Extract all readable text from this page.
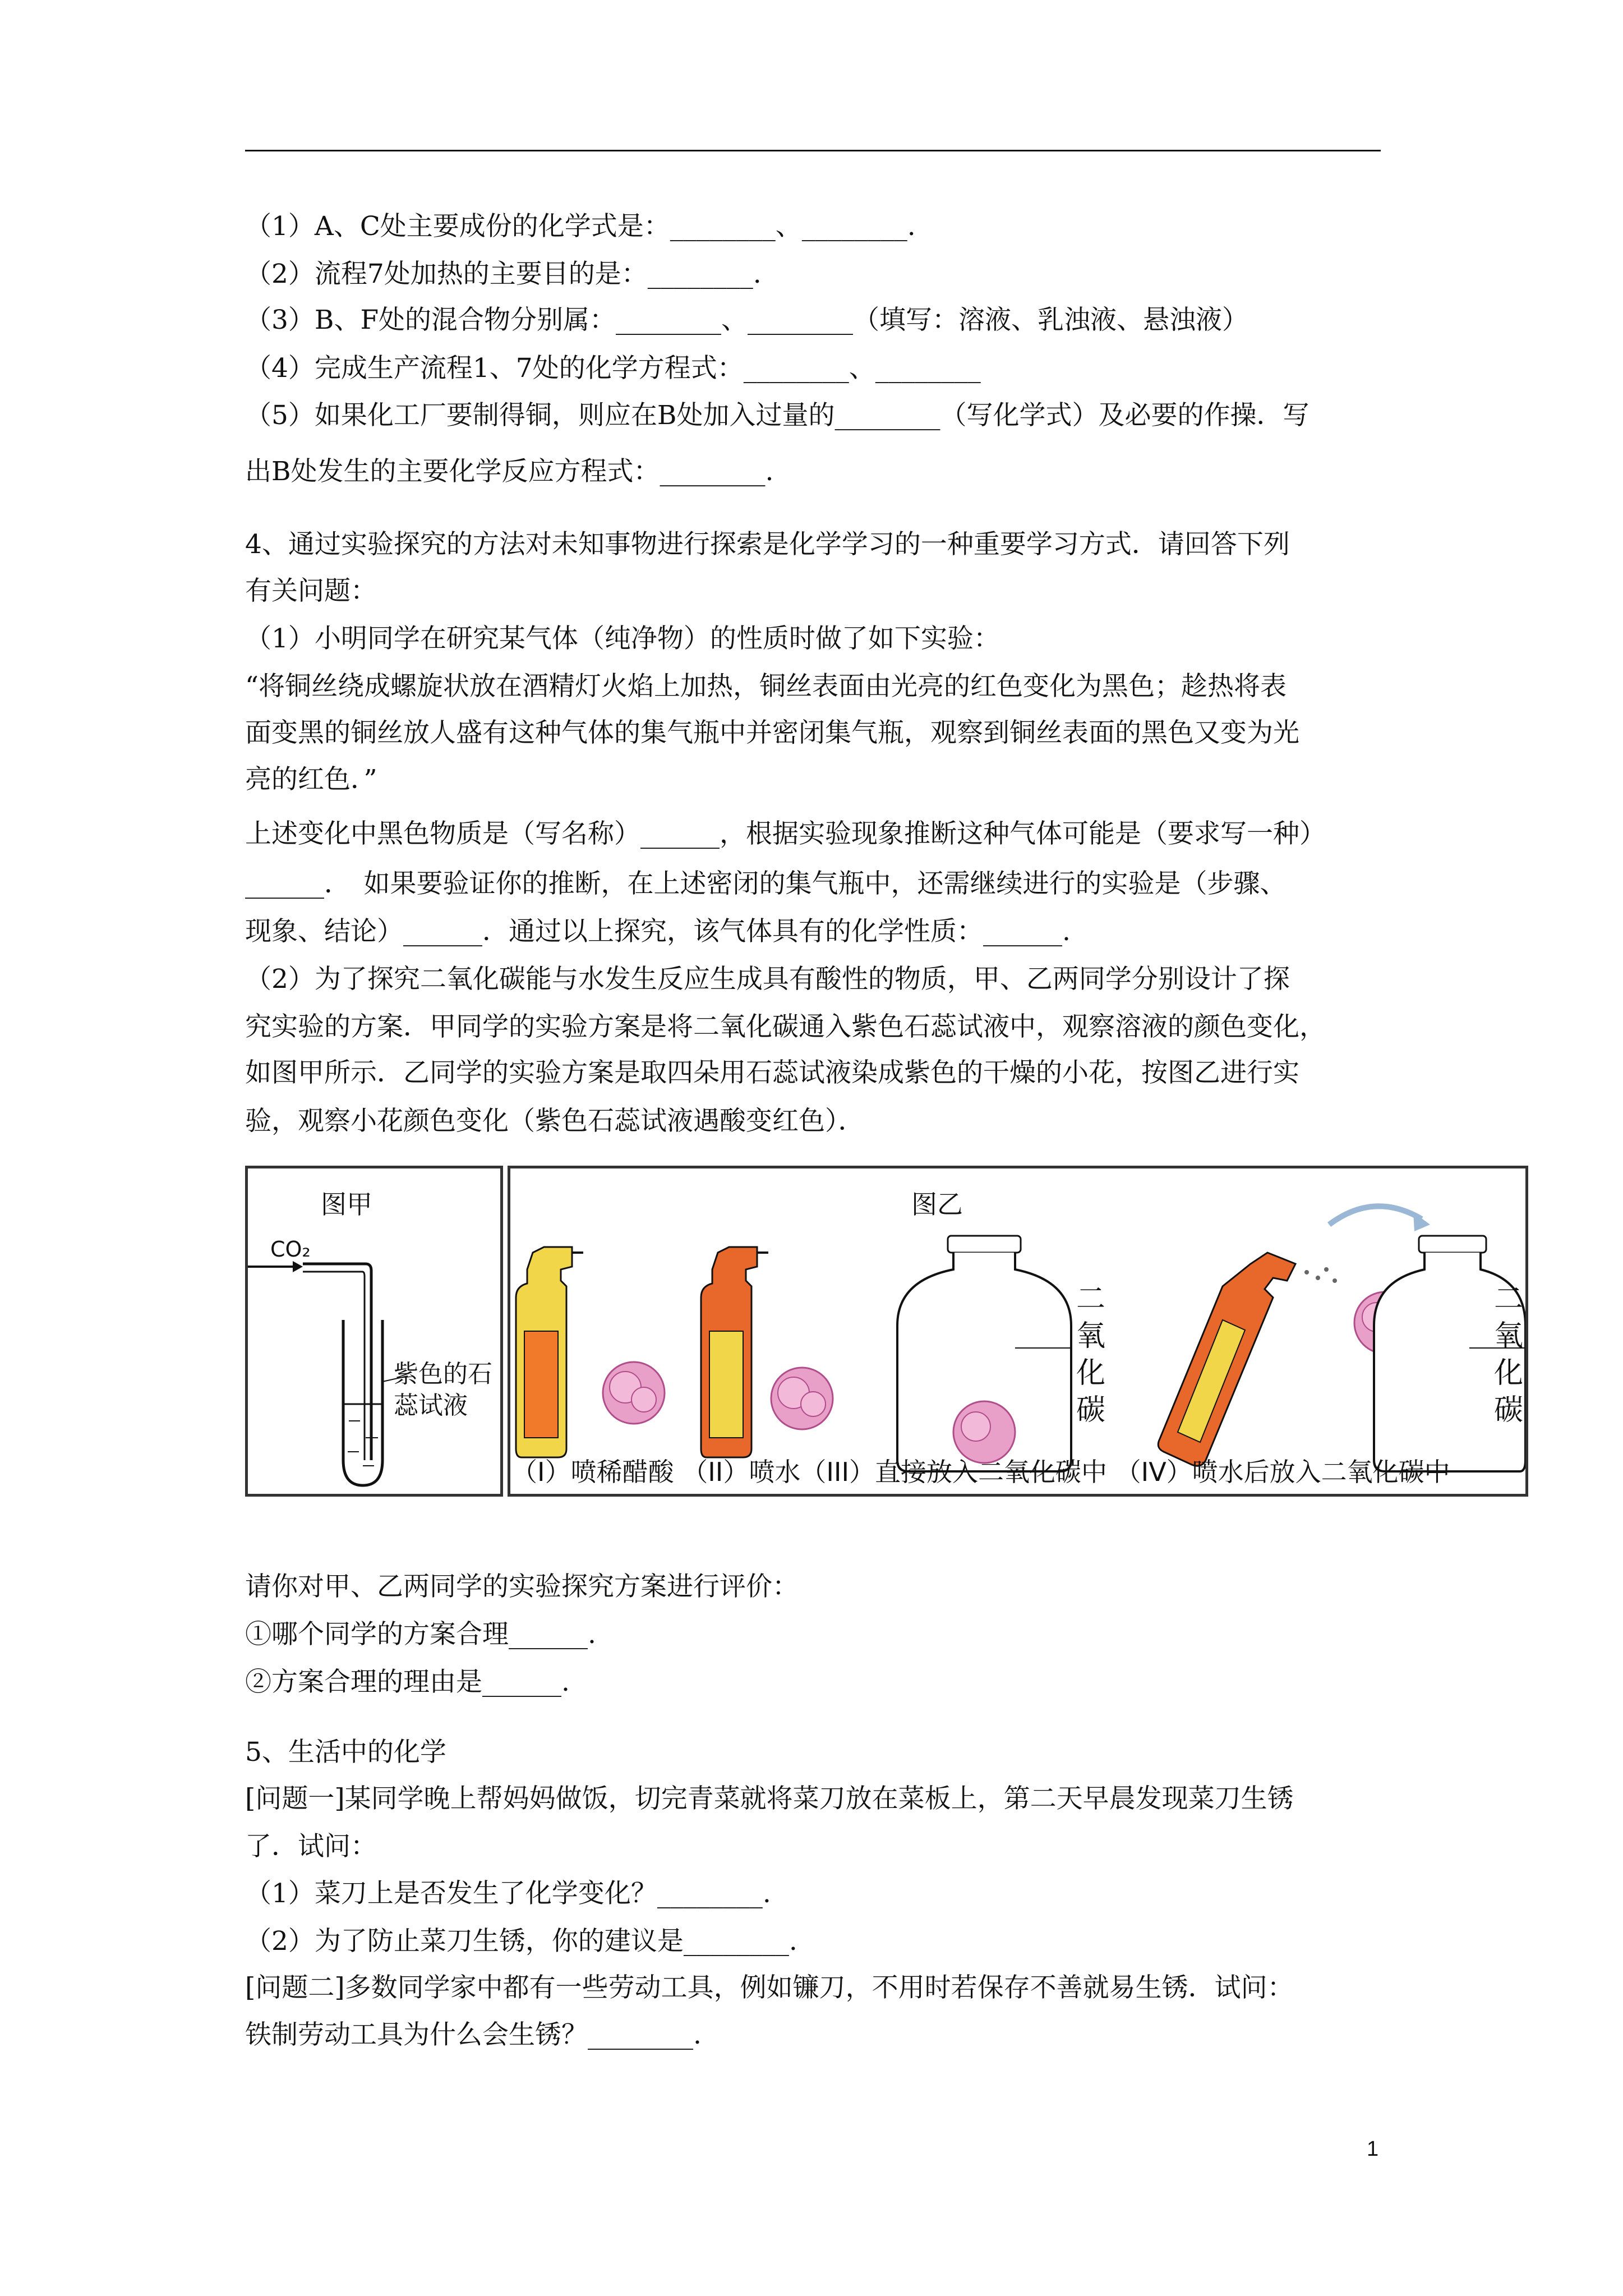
（1）A、C处主要成份的化学式是：________、________.
（2）流程7处加热的主要目的是：________.
（3）B、F处的混合物分别属：________、________（填写：溶液、乳浊液、悬浊液）
（4）完成生产流程1、7处的化学方程式：________、________
（5）如果化工厂要制得铜，则应在B处加入过量的________（写化学式）及必要的作操．写
出B处发生的主要化学反应方程式：________.
4、通过实验探究的方法对未知事物进行探索是化学学习的一种重要学习方式．请回答下列
有关问题：
（1）小明同学在研究某气体（纯净物）的性质时做了如下实验：
“将铜丝绕成螺旋状放在酒精灯火焰上加热，铜丝表面由光亮的红色变化为黑色；趁热将表
面变黑的铜丝放人盛有这种气体的集气瓶中并密闭集气瓶，观察到铜丝表面的黑色又变为光
亮的红色．”
上述变化中黑色物质是（写名称）______，根据实验现象推断这种气体可能是（要求写一种）
______．　如果要验证你的推断，在上述密闭的集气瓶中，还需继续进行的实验是（步骤、
现象、结论）______．通过以上探究，该气体具有的化学性质：______.
（2）为了探究二氧化碳能与水发生反应生成具有酸性的物质，甲、乙两同学分别设计了探
究实验的方案．甲同学的实验方案是将二氧化碳通入紫色石蕊试液中，观察溶液的颜色变化，
如图甲所示．乙同学的实验方案是取四朵用石蕊试液染成紫色的干燥的小花，按图乙进行实
验，观察小花颜色变化（紫色石蕊试液遇酸变红色）．
图甲
CO₂
紫色的石
蕊试液
图乙
二氧化碳
二氧化碳
（I）喷稀醋酸 （II）喷水（III）直接放入二氧化碳中 （IV）喷水后放入二氧化碳中
请你对甲、乙两同学的实验探究方案进行评价：
①哪个同学的方案合理______.
②方案合理的理由是______.
5、生活中的化学
[问题一]某同学晚上帮妈妈做饭，切完青菜就将菜刀放在菜板上，第二天早晨发现菜刀生锈
了．试问：
（1）菜刀上是否发生了化学变化？________.
（2）为了防止菜刀生锈，你的建议是________.
[问题二]多数同学家中都有一些劳动工具，例如镰刀，不用时若保存不善就易生锈．试问：
铁制劳动工具为什么会生锈？________.
1
